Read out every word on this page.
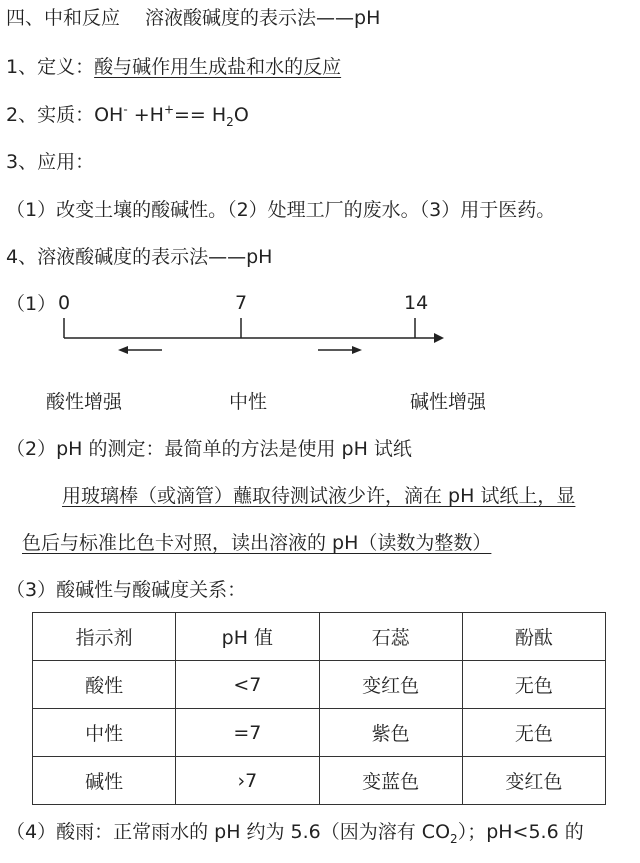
四、中和反应　 溶液酸碱度的表示法——pH
1、定义：酸与碱作用生成盐和水的反应
2、实质：$OH^- +H^+== H_2O$
3、应用：
（1）改变土壤的酸碱性。（2）处理工厂的废水。（3）用于医药。
4、溶液酸碱度的表示法——pH
（1） 0	7	14
酸性增强	中性	碱性增强
（2）pH 的测定：最简单的方法是使用 pH 试纸
用玻璃棒（或滴管）蘸取待测试液少许，滴在 pH 试纸上，显
色后与标准比色卡对照，读出溶液的 pH（读数为整数）
（3）酸碱性与酸碱度关系：
指示剂	pH 值	石蕊	酚酞
酸性	<7	变红色	无色
中性	=7	紫色	无色
碱性	›7	变蓝色	变红色
（4）酸雨：正常雨水的 pH 约为 5.6（因为溶有 $CO_2$）；pH<5.6 的
